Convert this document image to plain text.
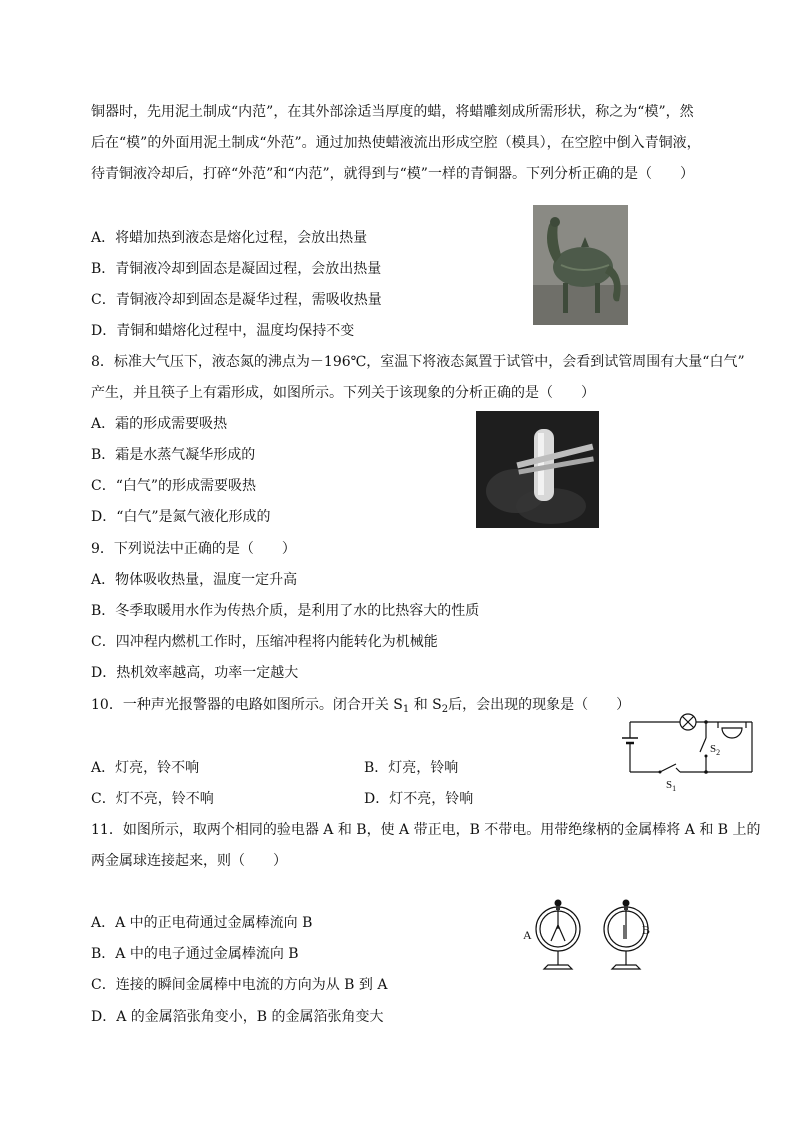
铜器时，先用泥土制成“内范”，在其外部涂适当厚度的蜡，将蜡雕刻成所需形状，称之为“模”，然
后在“模”的外面用泥土制成“外范”。通过加热使蜡液流出形成空腔（模具），在空腔中倒入青铜液，
待青铜液冷却后，打碎“外范”和“内范”，就得到与“模”一样的青铜器。下列分析正确的是（　　）
A．将蜡加热到液态是熔化过程，会放出热量
B．青铜液冷却到固态是凝固过程，会放出热量
C．青铜液冷却到固态是凝华过程，需吸收热量
D．青铜和蜡熔化过程中，温度均保持不变
8．标准大气压下，液态氮的沸点为－196℃，室温下将液态氮置于试管中，会看到试管周围有大量“白气”
产生，并且筷子上有霜形成，如图所示。下列关于该现象的分析正确的是（　　）
A．霜的形成需要吸热
B．霜是水蒸气凝华形成的
C．“白气”的形成需要吸热
D．“白气”是氮气液化形成的
9．下列说法中正确的是（　　）
A．物体吸收热量，温度一定升高
B．冬季取暖用水作为传热介质，是利用了水的比热容大的性质
C．四冲程内燃机工作时，压缩冲程将内能转化为机械能
D．热机效率越高，功率一定越大
10．一种声光报警器的电路如图所示。闭合开关 $S_1$ 和 $S_2$后，会出现的现象是（　　）
A．灯亮，铃不响	B．灯亮，铃响
C．灯不亮，铃不响	D．灯不亮，铃响
$S_2$
$S_1$
11．如图所示，取两个相同的验电器 A 和 B，使 A 带正电，B 不带电。用带绝缘柄的金属棒将 A 和 B 上的
两金属球连接起来，则（　　）
A．A 中的正电荷通过金属棒流向 B
B．A 中的电子通过金属棒流向 B
C．连接的瞬间金属棒中电流的方向为从 B 到 A
D．A 的金属箔张角变小，B 的金属箔张角变大
A	B
